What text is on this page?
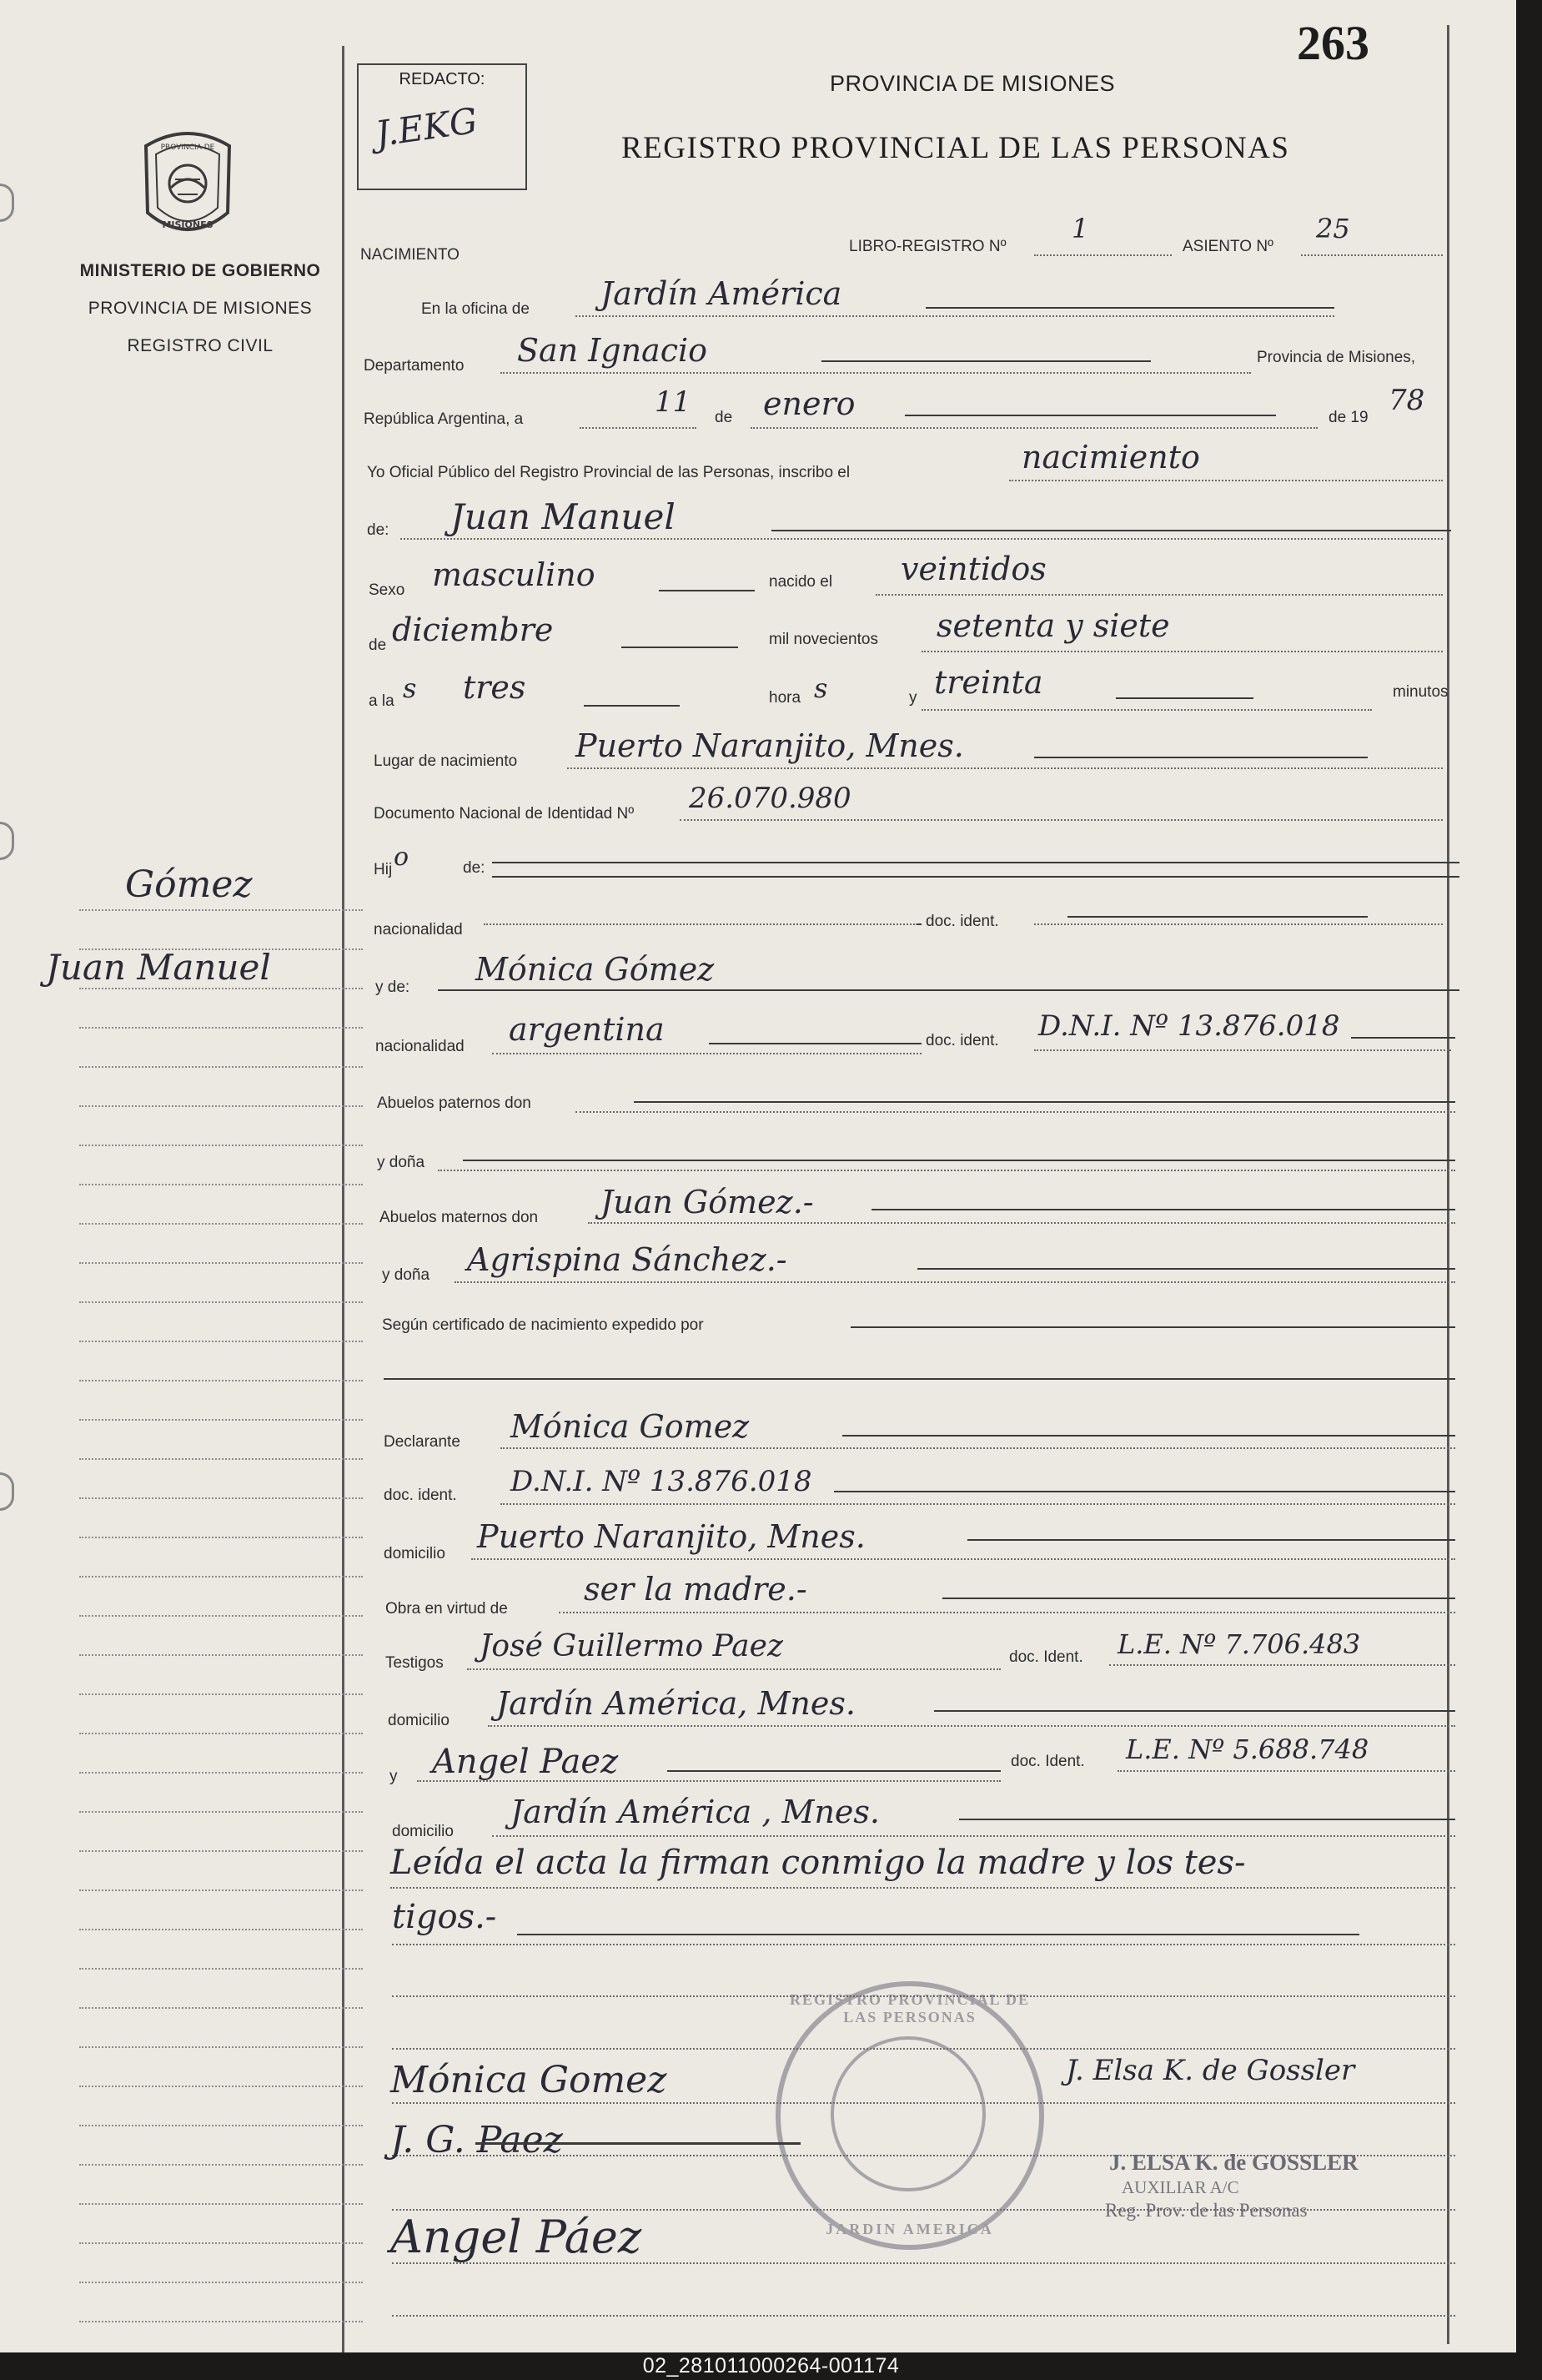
PROVINCIA DE
MISIONES
MINISTERIO DE GOBIERNO
PROVINCIA DE MISIONES
REGISTRO CIVIL
Gómez
Juan Manuel
REDACTO:
J.EKG
263
PROVINCIA DE MISIONES
REGISTRO PROVINCIAL DE LAS PERSONAS
NACIMIENTO	LIBRO-REGISTRO Nº
1
ASIENTO Nº
25
En la oficina de Jardín América
Departamento San Ignacio	Provincia de Misiones,
República Argentina, a
11 de enero	de 19
78
Yo Oficial Público del Registro Provincial de las Personas, inscribo el	nacimiento
de: Juan Manuel
Sexo masculino	nacido el veintidos
de diciembre	mil novecientos setenta y siete
a la s tres	hora s	y treinta	minutos
Lugar de nacimiento Puerto Naranjito, Mnes.
Documento Nacional de Identidad Nº 26.070.980
Hij o	de:
nacionalidad	doc. ident.
y de: Mónica Gómez
nacionalidad argentina	doc. ident. D.N.I. Nº 13.876.018
Abuelos paternos don
y doña
Abuelos maternos don Juan Gómez.-
y doña Agrispina Sánchez.-
Según certificado de nacimiento expedido por
Declarante Mónica Gomez
doc. ident. D.N.I. Nº 13.876.018
domicilio Puerto Naranjito, Mnes.
Obra en virtud de
ser la madre.-
Testigos José Guillermo Paez	doc. Ident. L.E. Nº 7.706.483
domicilio Jardín América, Mnes.
y Angel Paez	doc. Ident. L.E. Nº 5.688.748
domicilio
Jardín América , Mnes.
Leída el acta la firman conmigo la madre y los tes-
tigos.-
REGISTRO PROVINCIAL DE LAS PERSONAS
JARDIN AMERICA
Mónica Gomez
J. G. Paez
Angel Páez
J. Elsa K. de Gossler
J. ELSA K. de GOSSLER
AUXILIAR A/C
Reg. Prov. de las Personas
02_281011000264-001174
